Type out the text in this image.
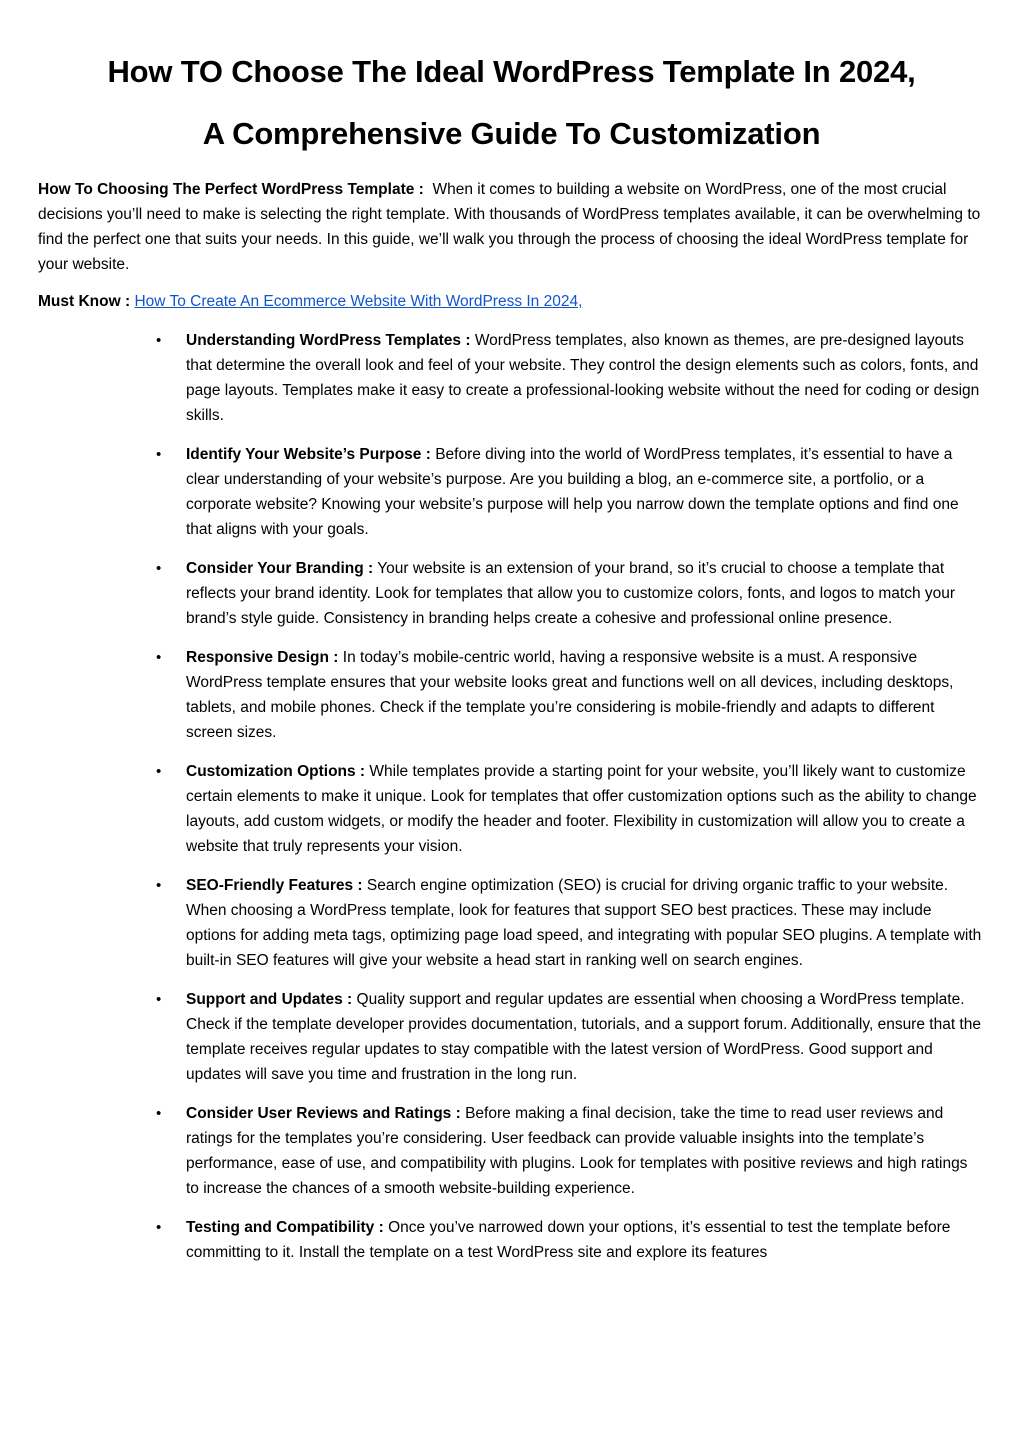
How TO Choose The Ideal WordPress Template In 2024,
A Comprehensive Guide To Customization

How To Choosing The Perfect WordPress Template : When it comes to building a website on WordPress, one of the most crucial decisions you’ll need to make is selecting the right template. With thousands of WordPress templates available, it can be overwhelming to find the perfect one that suits your needs. In this guide, we’ll walk you through the process of choosing the ideal WordPress template for your website.

Must Know : How To Create An Ecommerce Website With WordPress In 2024,

• Understanding WordPress Templates : WordPress templates, also known as themes, are pre-designed layouts that determine the overall look and feel of your website. They control the design elements such as colors, fonts, and page layouts. Templates make it easy to create a professional-looking website without the need for coding or design skills.
• Identify Your Website’s Purpose : Before diving into the world of WordPress templates, it’s essential to have a clear understanding of your website’s purpose. Are you building a blog, an e-commerce site, a portfolio, or a corporate website? Knowing your website’s purpose will help you narrow down the template options and find one that aligns with your goals.
• Consider Your Branding : Your website is an extension of your brand, so it’s crucial to choose a template that reflects your brand identity. Look for templates that allow you to customize colors, fonts, and logos to match your brand’s style guide. Consistency in branding helps create a cohesive and professional online presence.
• Responsive Design : In today’s mobile-centric world, having a responsive website is a must. A responsive WordPress template ensures that your website looks great and functions well on all devices, including desktops, tablets, and mobile phones. Check if the template you’re considering is mobile-friendly and adapts to different screen sizes.
• Customization Options : While templates provide a starting point for your website, you’ll likely want to customize certain elements to make it unique. Look for templates that offer customization options such as the ability to change layouts, add custom widgets, or modify the header and footer. Flexibility in customization will allow you to create a website that truly represents your vision.
• SEO-Friendly Features : Search engine optimization (SEO) is crucial for driving organic traffic to your website. When choosing a WordPress template, look for features that support SEO best practices. These may include options for adding meta tags, optimizing page load speed, and integrating with popular SEO plugins. A template with built-in SEO features will give your website a head start in ranking well on search engines.
• Support and Updates : Quality support and regular updates are essential when choosing a WordPress template. Check if the template developer provides documentation, tutorials, and a support forum. Additionally, ensure that the template receives regular updates to stay compatible with the latest version of WordPress. Good support and updates will save you time and frustration in the long run.
• Consider User Reviews and Ratings : Before making a final decision, take the time to read user reviews and ratings for the templates you’re considering. User feedback can provide valuable insights into the template’s performance, ease of use, and compatibility with plugins. Look for templates with positive reviews and high ratings to increase the chances of a smooth website-building experience.
• Testing and Compatibility : Once you’ve narrowed down your options, it’s essential to test the template before committing to it. Install the template on a test WordPress site and explore its features
